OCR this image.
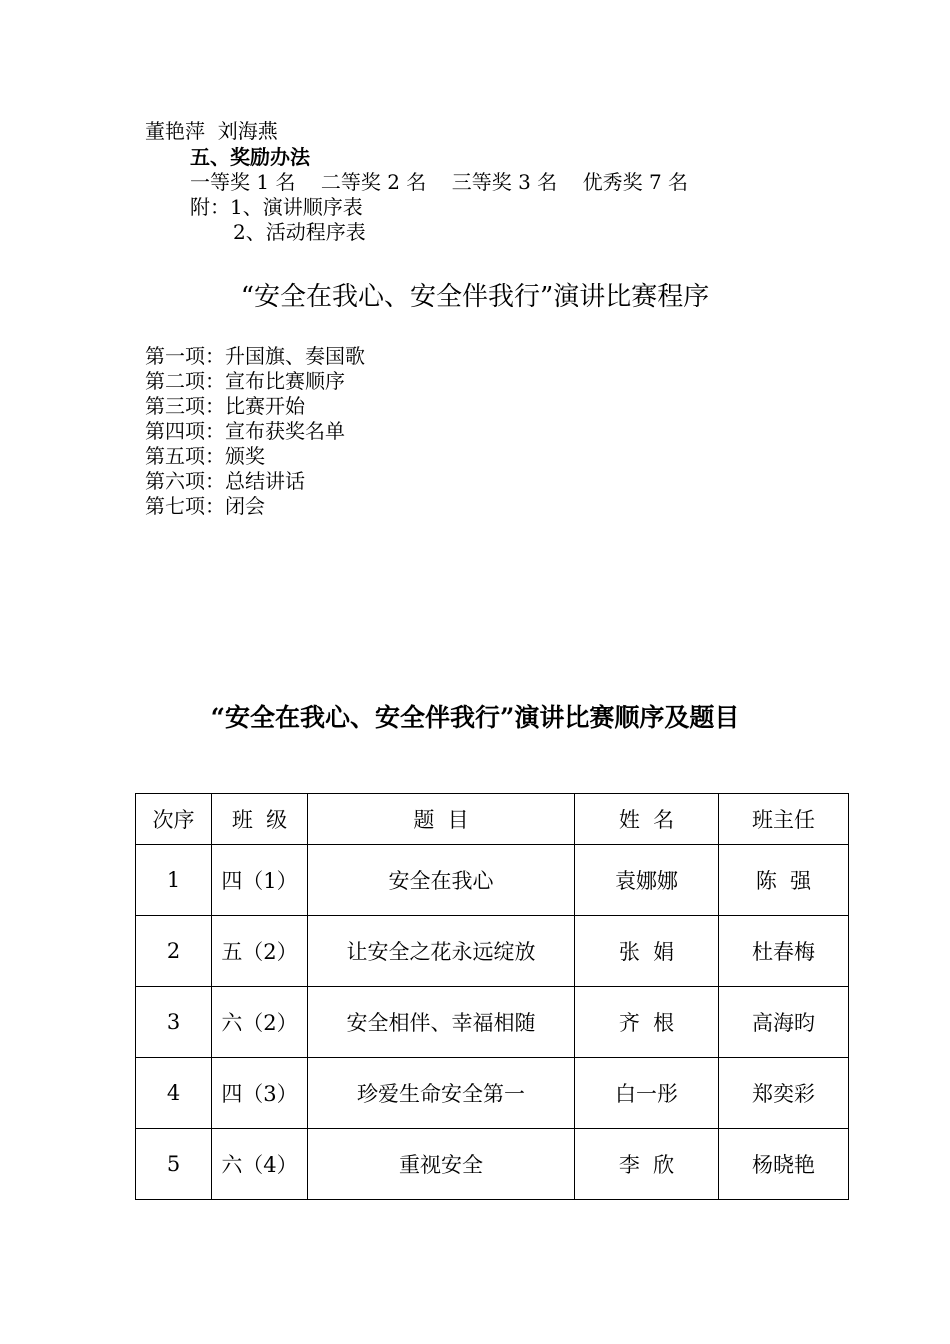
董艳萍  刘海燕
五、奖励办法
一等奖 1 名    二等奖 2 名    三等奖 3 名    优秀奖 7 名
附：1、演讲顺序表
2、活动程序表
“安全在我心、安全伴我行”演讲比赛程序
第一项：升国旗、奏国歌
第二项：宣布比赛顺序
第三项：比赛开始
第四项：宣布获奖名单
第五项：颁奖
第六项：总结讲话
第七项：闭会
“安全在我心、安全伴我行”演讲比赛顺序及题目
次序	班  级	题  目	姓  名	班主任
1	四（1）	安全在我心	袁娜娜	陈  强
2	五（2）	让安全之花永远绽放	张  娟	杜春梅
3	六（2）	安全相伴、幸福相随	齐  根	高海昀
4	四（3）	珍爱生命安全第一	白一彤	郑奕彩
5	六（4）	重视安全	李  欣	杨晓艳
